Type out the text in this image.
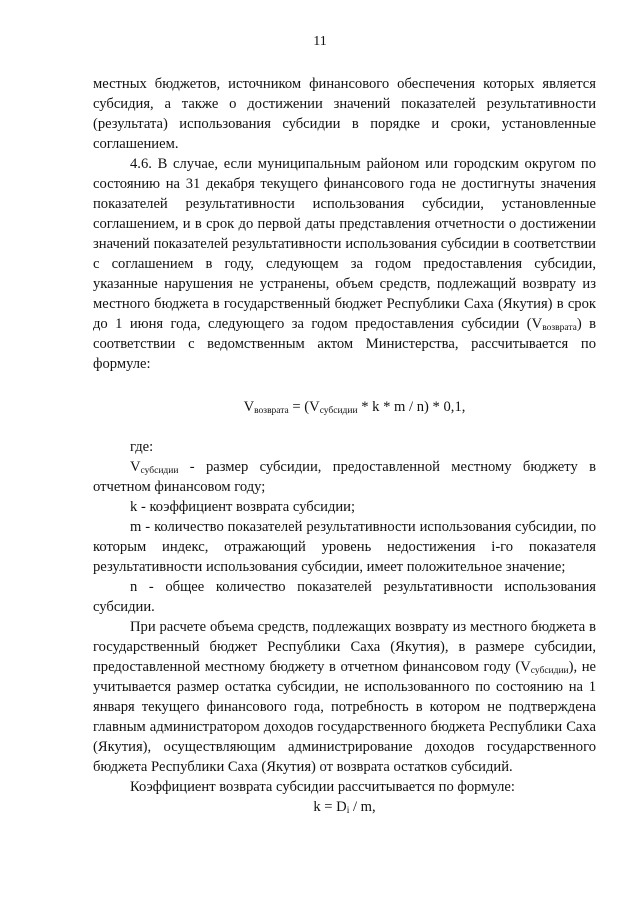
11

местных бюджетов, источником финансового обеспечения которых является субсидия, а также о достижении значений показателей результативности (результата) использования субсидии в порядке и сроки, установленные соглашением.

4.6. В случае, если муниципальным районом или городским округом по состоянию на 31 декабря текущего финансового года не достигнуты значения показателей результативности использования субсидии, установленные соглашением, и в срок до первой даты представления отчетности о достижении значений показателей результативности использования субсидии в соответствии с соглашением в году, следующем за годом предоставления субсидии, указанные нарушения не устранены, объем средств, подлежащий возврату из местного бюджета в государственный бюджет Республики Саха (Якутия) в срок до 1 июня года, следующего за годом предоставления субсидии $(V_{возврата})$ в соответствии с ведомственным актом Министерства, рассчитывается по формуле:

$V_{возврата} = (V_{субсидии} * k * m / n) * 0,1$,

где:

$V_{субсидии}$ - размер субсидии, предоставленной местному бюджету в отчетном финансовом году;

k - коэффициент возврата субсидии;

m - количество показателей результативности использования субсидии, по которым индекс, отражающий уровень недостижения i-го показателя результативности использования субсидии, имеет положительное значение;

n - общее количество показателей результативности использования субсидии.

При расчете объема средств, подлежащих возврату из местного бюджета в государственный бюджет Республики Саха (Якутия), в размере субсидии, предоставленной местному бюджету в отчетном финансовом году $(V_{субсидии})$, не учитывается размер остатка субсидии, не использованного по состоянию на 1 января текущего финансового года, потребность в котором не подтверждена главным администратором доходов государственного бюджета Республики Саха (Якутия), осуществляющим администрирование доходов государственного бюджета Республики Саха (Якутия) от возврата остатков субсидий.

Коэффициент возврата субсидии рассчитывается по формуле:

$k = D_i / m$,
